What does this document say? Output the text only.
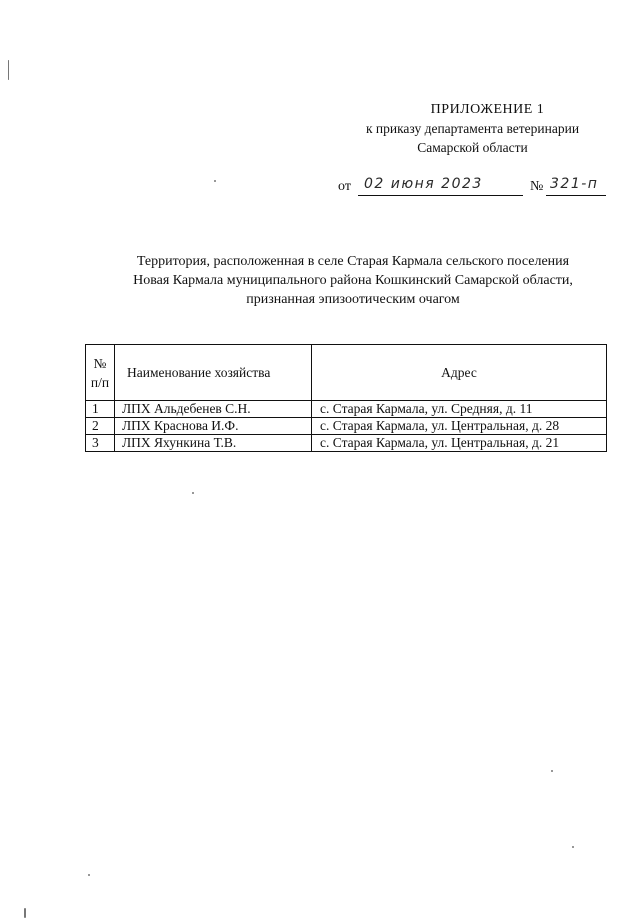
ПРИЛОЖЕНИЕ 1
к приказу департамента ветеринарии
Самарской области
от 02 июня 2023	№ 321-п
Территория, расположенная в селе Старая Кармала сельского поселения
Новая Кармала муниципального района Кошкинский Самарской области,
признанная эпизоотическим очагом
№
п/п	Наименование хозяйства	Адрес
1	ЛПХ Альдебенев С.Н.	с. Старая Кармала, ул. Средняя, д. 11
2	ЛПХ Краснова И.Ф.	с. Старая Кармала, ул. Центральная, д. 28
3	ЛПХ Яхункина Т.В.	с. Старая Кармала, ул. Центральная, д. 21
